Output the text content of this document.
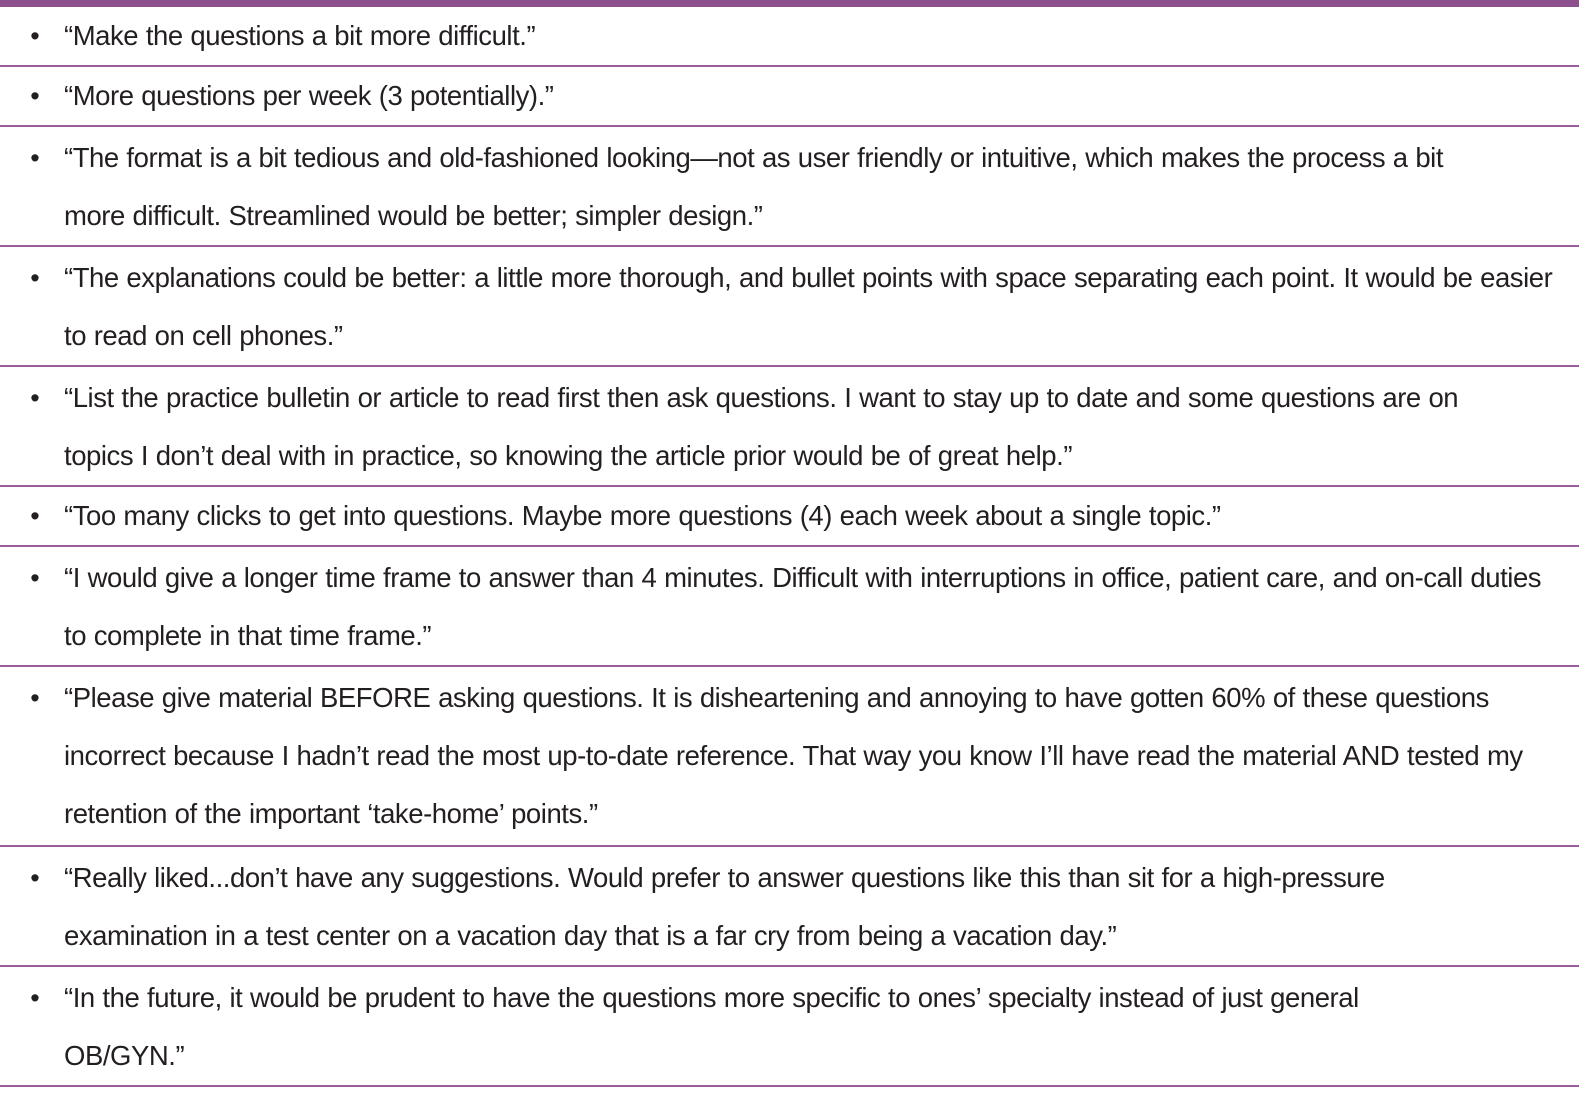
• “Make the questions a bit more difficult.”
• “More questions per week (3 potentially).”
• “The format is a bit tedious and old-fashioned looking—not as user friendly or intuitive, which makes the process a bit more difficult. Streamlined would be better; simpler design.”
• “The explanations could be better: a little more thorough, and bullet points with space separating each point. It would be easier to read on cell phones.”
• “List the practice bulletin or article to read first then ask questions. I want to stay up to date and some questions are on topics I don’t deal with in practice, so knowing the article prior would be of great help.”
• “Too many clicks to get into questions. Maybe more questions (4) each week about a single topic.”
• “I would give a longer time frame to answer than 4 minutes. Difficult with interruptions in office, patient care, and on-call duties to complete in that time frame.”
• “Please give material BEFORE asking questions. It is disheartening and annoying to have gotten 60% of these questions incorrect because I hadn’t read the most up-to-date reference. That way you know I’ll have read the material AND tested my retention of the important ‘take-home’ points.”
• “Really liked...don’t have any suggestions. Would prefer to answer questions like this than sit for a high-pressure examination in a test center on a vacation day that is a far cry from being a vacation day.”
• “In the future, it would be prudent to have the questions more specific to ones’ specialty instead of just general OB/GYN.”
